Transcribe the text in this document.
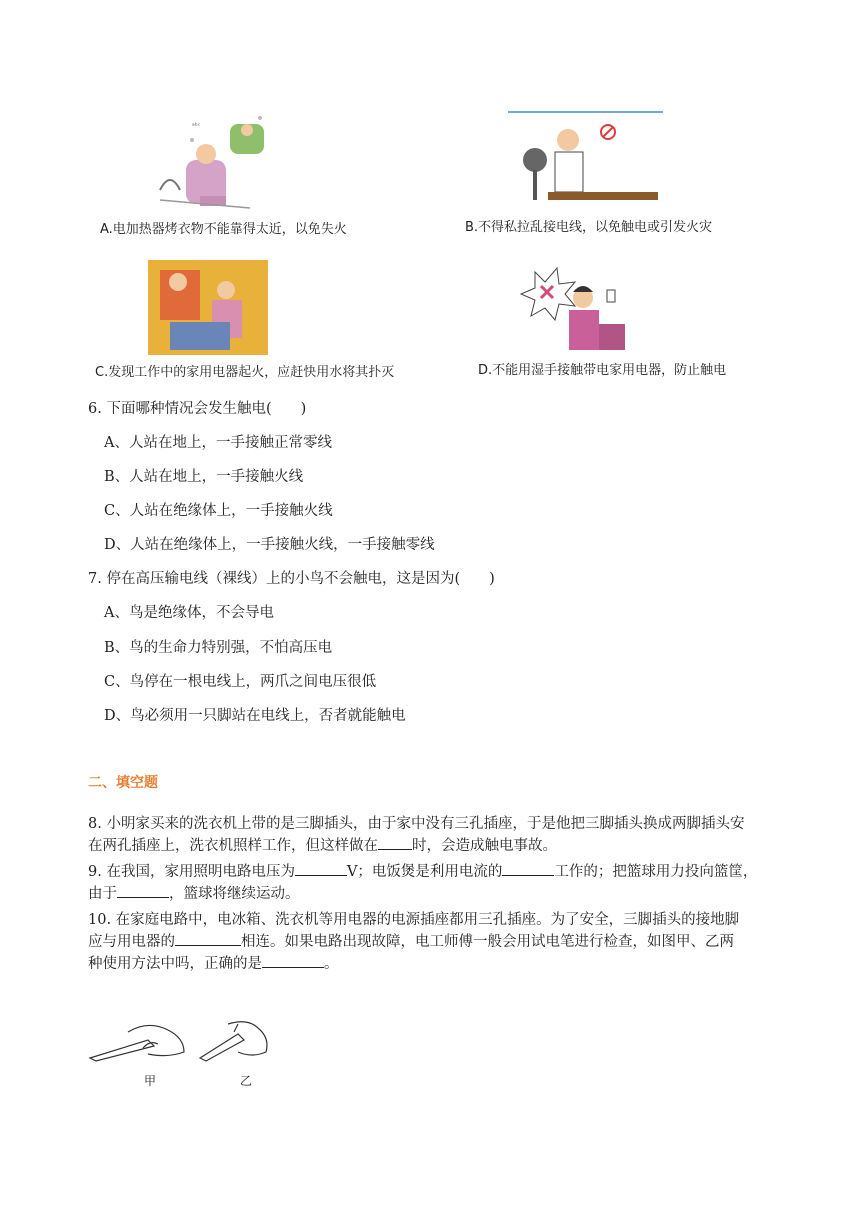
ᵃᵇᶜ
A.电加热器烤衣物不能靠得太近，以免失火	B.不得私拉乱接电线，以免触电或引发火灾
C.发现工作中的家用电器起火，应赶快用水将其扑灭	D.不能用湿手接触带电家用电器，防止触电
6. 下面哪种情况会发生触电(　　)
A、人站在地上，一手接触正常零线
B、人站在地上，一手接触火线
C、人站在绝缘体上，一手接触火线
D、人站在绝缘体上，一手接触火线，一手接触零线
7. 停在高压输电线（裸线）上的小鸟不会触电，这是因为(　　)
A、鸟是绝缘体，不会导电
B、鸟的生命力特别强，不怕高压电
C、鸟停在一根电线上，两爪之间电压很低
D、鸟必须用一只脚站在电线上，否者就能触电
二、填空题
8. 小明家买来的洗衣机上带的是三脚插头，由于家中没有三孔插座，于是他把三脚插头换成两脚插头安
在两孔插座上，洗衣机照样工作，但这样做在 时，会造成触电事故。
9. 在我国，家用照明电路电压为	V；电饭煲是利用电流的	工作的；把篮球用力投向篮筐，
由于	，篮球将继续运动。
10. 在家庭电路中，电冰箱、洗衣机等用电器的电源插座都用三孔插座。为了安全，三脚插头的接地脚
应与用电器的	相连。如果电路出现故障，电工师傅一般会用试电笔进行检查，如图甲、乙两
种使用方法中吗，正确的是	。
甲	乙
